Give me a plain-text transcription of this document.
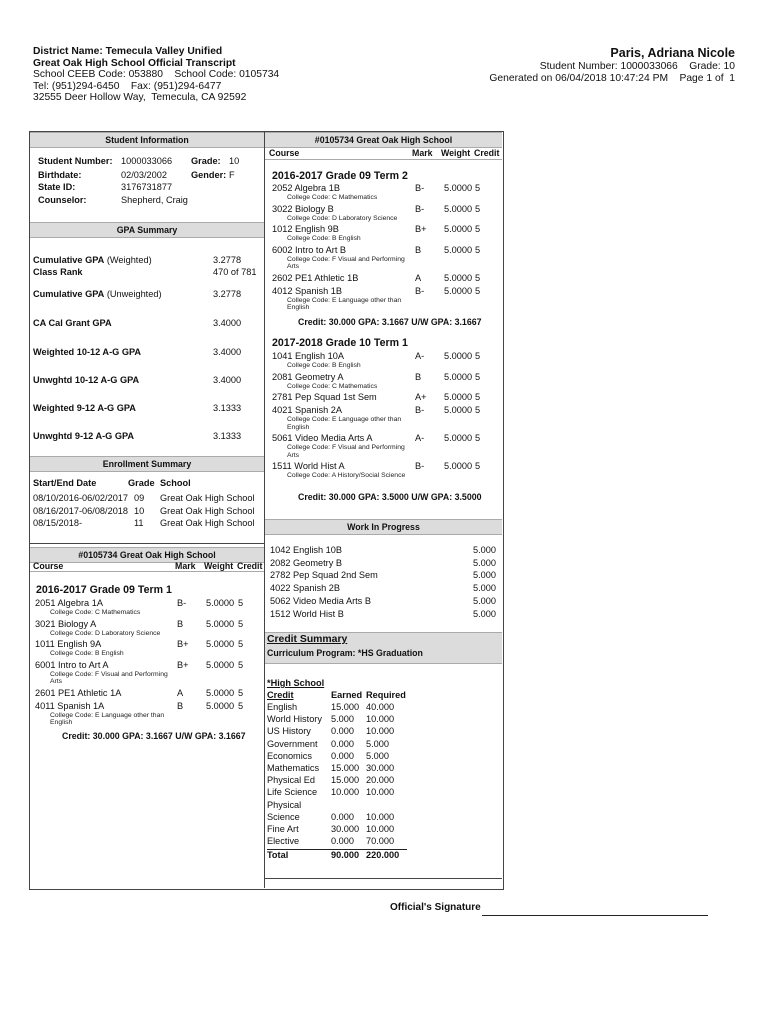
District Name: Temecula Valley Unified
Great Oak High School Official Transcript
School CEEB Code: 053880    School Code: 0105734
Tel: (951)294-6450    Fax: (951)294-6477
32555 Deer Hollow Way,  Temecula, CA 92592
Paris, Adriana Nicole
Student Number: 1000033066    Grade: 10
Generated on 06/04/2018 10:47:24 PM    Page 1 of  1
Student Information
Student Number: 1000033066 Grade: 10
Birthdate:	02/03/2002	Gender: F
State ID:	3176731877
Counselor:	Shepherd, Craig
GPA Summary
Cumulative GPA (Weighted)	3.2778
Class Rank	470 of 781
Cumulative GPA (Unweighted)	3.2778
CA Cal Grant GPA	3.4000
Weighted 10-12 A-G GPA	3.4000
Unwghtd 10-12 A-G GPA	3.4000
Weighted 9-12 A-G GPA	3.1333
Unwghtd 9-12 A-G GPA	3.1333
Enrollment Summary
Start/End Date	Grade School
08/10/2016-06/02/2017 09 Great Oak High School
08/16/2017-06/08/2018 10 Great Oak High School
08/15/2018-	11 Great Oak High School
#0105734 Great Oak High School
Course	Mark Weight Credit
2016-2017 Grade 09 Term 1
2051 Algebra 1A	B- 5.0000 5
College Code: C Mathematics
3021 Biology A	B 5.0000 5
College Code: D Laboratory Science
1011 English 9A	B+ 5.0000 5
College Code: B English
6001 Intro to Art A	B+ 5.0000 5
College Code: F Visual and Performing Arts
2601 PE1 Athletic 1A	A 5.0000 5
4011 Spanish 1A	B 5.0000 5
College Code: E Language other than English
Credit: 30.000 GPA: 3.1667 U/W GPA: 3.1667
#0105734 Great Oak High School
Course	Mark Weight Credit
2016-2017 Grade 09 Term 2
2052 Algebra 1B	B- 5.0000 5
College Code: C Mathematics
3022 Biology B	B- 5.0000 5
College Code: D Laboratory Science
1012 English 9B	B+ 5.0000 5
College Code: B English
6002 Intro to Art B	B 5.0000 5
College Code: F Visual and Performing Arts
2602 PE1 Athletic 1B	A 5.0000 5
4012 Spanish 1B	B- 5.0000 5
College Code: E Language other than English
Credit: 30.000 GPA: 3.1667 U/W GPA: 3.1667
2017-2018 Grade 10 Term 1
1041 English 10A	A- 5.0000 5
College Code: B English
2081 Geometry A	B 5.0000 5
College Code: C Mathematics
2781 Pep Squad 1st Sem	A+ 5.0000 5
4021 Spanish 2A	B- 5.0000 5
College Code: E Language other than English
5061 Video Media Arts A	A- 5.0000 5
College Code: F Visual and Performing Arts
1511 World Hist A	B- 5.0000 5
College Code: A History/Social Science
Credit: 30.000 GPA: 3.5000 U/W GPA: 3.5000
Work In Progress
1042 English 10B	5.000
2082 Geometry B	5.000
2782 Pep Squad 2nd Sem	5.000
4022 Spanish 2B	5.000
5062 Video Media Arts B	5.000
1512 World Hist B	5.000
Credit Summary
Curriculum Program: *HS Graduation
*High School
Credit	Earned Required
English	15.000 40.000
World History 5.000 10.000
US History 0.000 10.000
Government 0.000 5.000
Economics 0.000 5.000
Mathematics 15.000 30.000
Physical Ed 15.000 20.000
Life Science 10.000 10.000
Physical
Science	0.000 10.000
Fine Art	30.000 10.000
Elective	0.000 70.000
Total	90.000 220.000
Official's Signature
